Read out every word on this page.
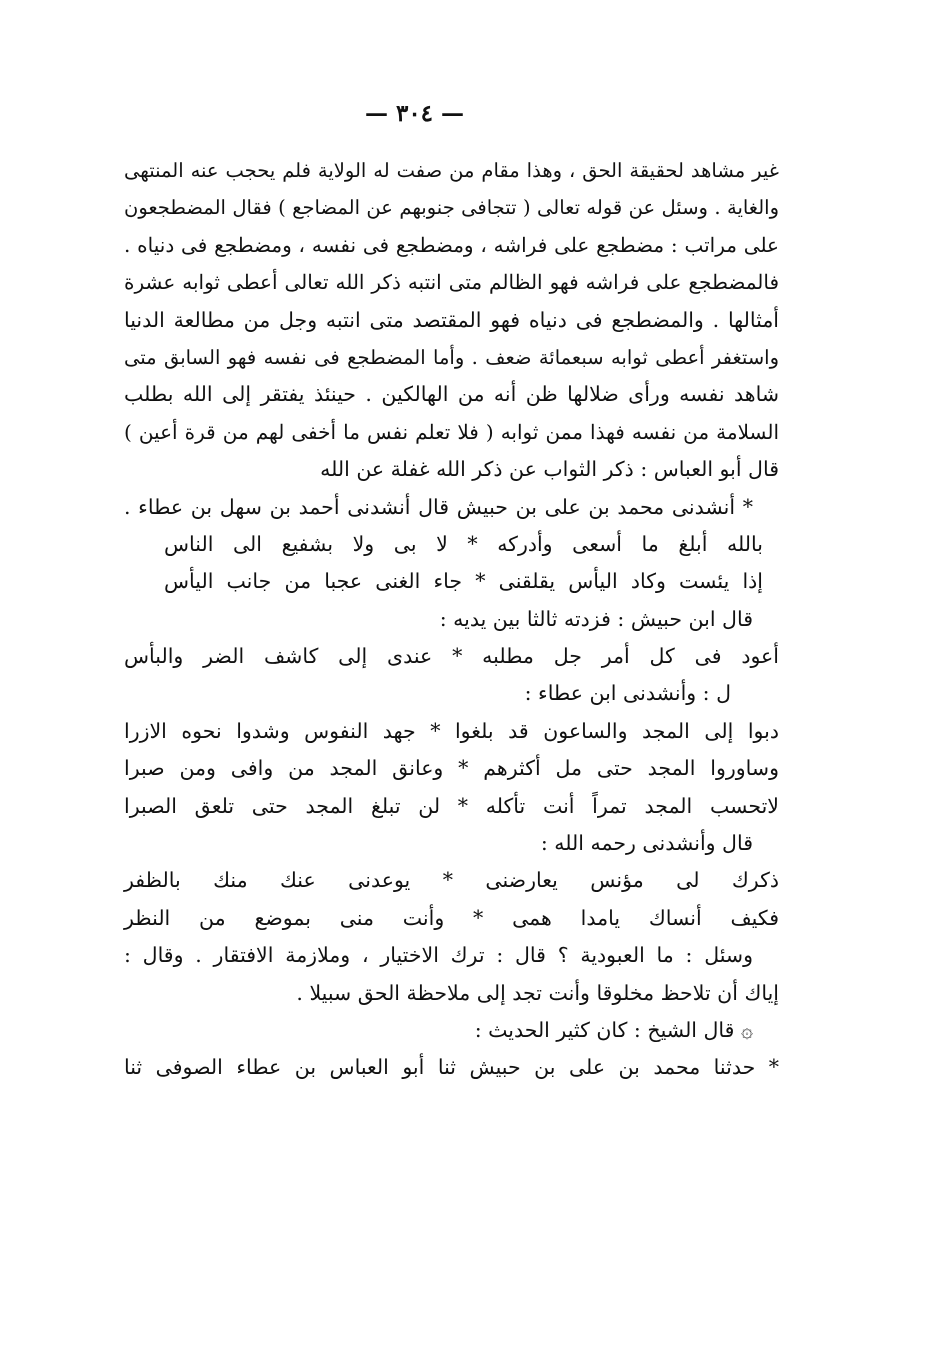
— ٣٠٤ —
غير مشاهد لحقيقة الحق ، وهذا مقام من صفت له الولاية فلم يحجب عنه المنتهى
والغاية . وسئل عن قوله تعالى ( تتجافى جنوبهم عن المضاجع ) فقال المضطجعون
على مراتب : مضطجع على فراشه ، ومضطجع فى نفسه ، ومضطجع فى دنياه .
فالمضطجع على فراشه فهو الظالم متى انتبه ذكر الله تعالى أعطى ثوابه عشرة
أمثالها . والمضطجع فى دنياه فهو المقتصد متى انتبه وجل من مطالعة الدنيا
واستغفر أعطى ثوابه سبعمائة ضعف . وأما المضطجع فى نفسه فهو السابق متى
شاهد نفسه ورأى ضلالها ظن أنه من الهالكين . حينئذ يفتقر إلى الله بطلب
السلامة من نفسه فهذا ممن ثوابه ( فلا تعلم نفس ما أخفى لهم من قرة أعين )
قال أبو العباس : ذكر الثواب عن ذكر الله غفلة عن الله
* أنشدنى محمد بن على بن حبيش قال أنشدنى أحمد بن سهل بن عطاء .
بالله أبلغ ما أسعى وأدركه * لا بى ولا بشفيع الى الناس
إذا يئست وكاد اليأس يقلقنى * جاء الغنى عجبا من جانب اليأس
قال ابن حبيش : فزدته ثالثا بين يديه :
أعود فى كل أمر جل مطلبه * عندى إلى كاشف الضر والبأس
ل : وأنشدنى ابن عطاء :
دبوا إلى المجد والساعون قد بلغوا * جهد النفوس وشدوا نحوه الازرا
وساوروا المجد حتى مل أكثرهم * وعانق المجد من وافى ومن صبرا
لاتحسب المجد تمراً أنت تأكله * لن تبلغ المجد حتى تلعق الصبرا
قال وأنشدنى رحمه الله :
ذكرك لى مؤنس يعارضنى * يوعدنى عنك منك بالظفر
فكيف أنساك يامدا همى * وأنت منى بموضع من النظر
وسئل : ما العبودية ؟ قال : ترك الاختيار ، وملازمة الافتقار . وقال :
إياك أن تلاحظ مخلوقا وأنت تجد إلى ملاحظة الحق سبيلا .
۞ قال الشيخ : كان كثير الحديث :
* حدثنا محمد بن على بن حبيش ثنا أبو العباس بن عطاء الصوفى ثنا
